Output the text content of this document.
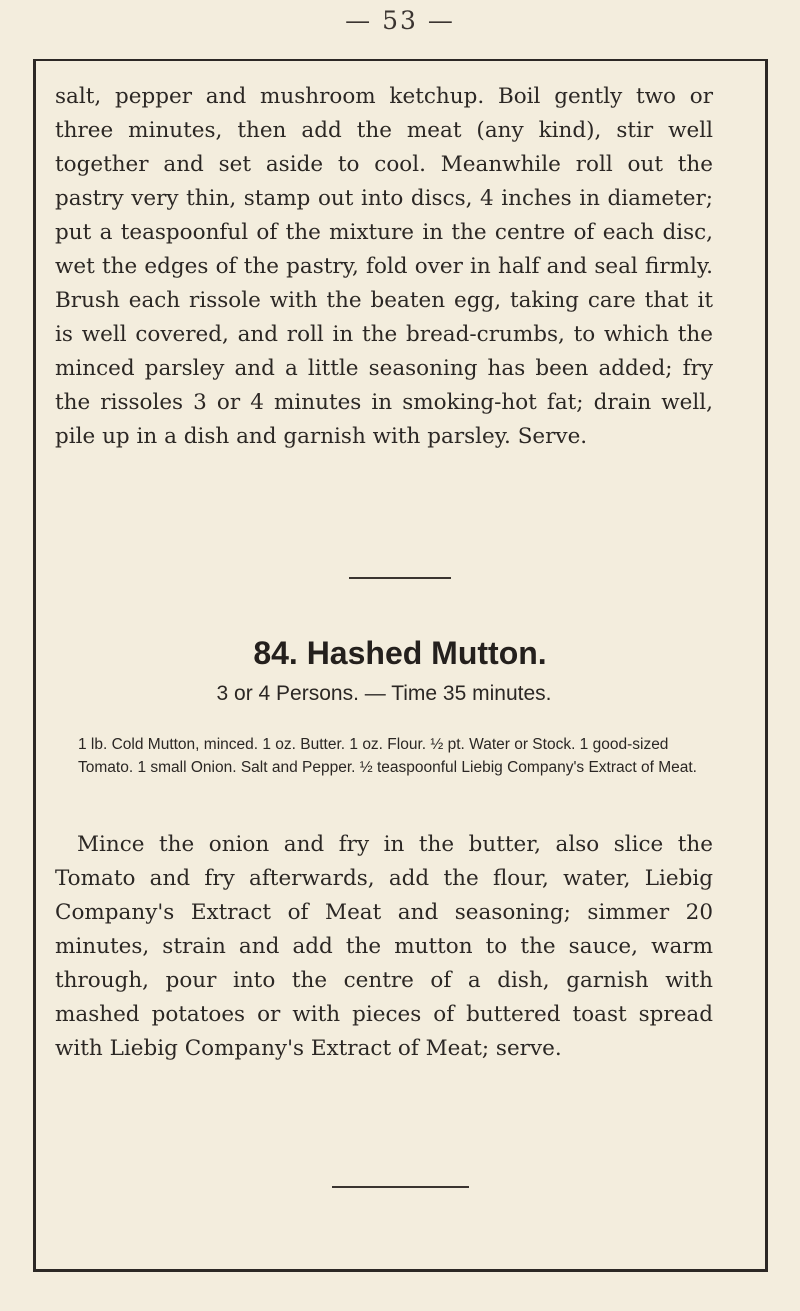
— 53 —

salt, pepper and mushroom ketchup. Boil gently two or three minutes, then add the meat (any kind), stir well together and set aside to cool. Meanwhile roll out the pastry very thin, stamp out into discs, 4 inches in diameter; put a teaspoonful of the mixture in the centre of each disc, wet the edges of the pastry, fold over in half and seal firmly. Brush each rissole with the beaten egg, taking care that it is well covered, and roll in the bread-crumbs, to which the minced parsley and a little seasoning has been added; fry the rissoles 3 or 4 minutes in smoking-hot fat; drain well, pile up in a dish and garnish with parsley. Serve.

84. Hashed Mutton.
3 or 4 Persons. — Time 35 minutes.

1 lb. Cold Mutton, minced. 1 oz. Butter. 1 oz. Flour. ½ pt. Water or Stock. 1 good-sized Tomato. 1 small Onion. Salt and Pepper. ½ teaspoonful Liebig Company's Extract of Meat.

Mince the onion and fry in the butter, also slice the Tomato and fry afterwards, add the flour, water, Liebig Company's Extract of Meat and seasoning; simmer 20 minutes, strain and add the mutton to the sauce, warm through, pour into the centre of a dish, garnish with mashed potatoes or with pieces of buttered toast spread with Liebig Company's Extract of Meat; serve.
